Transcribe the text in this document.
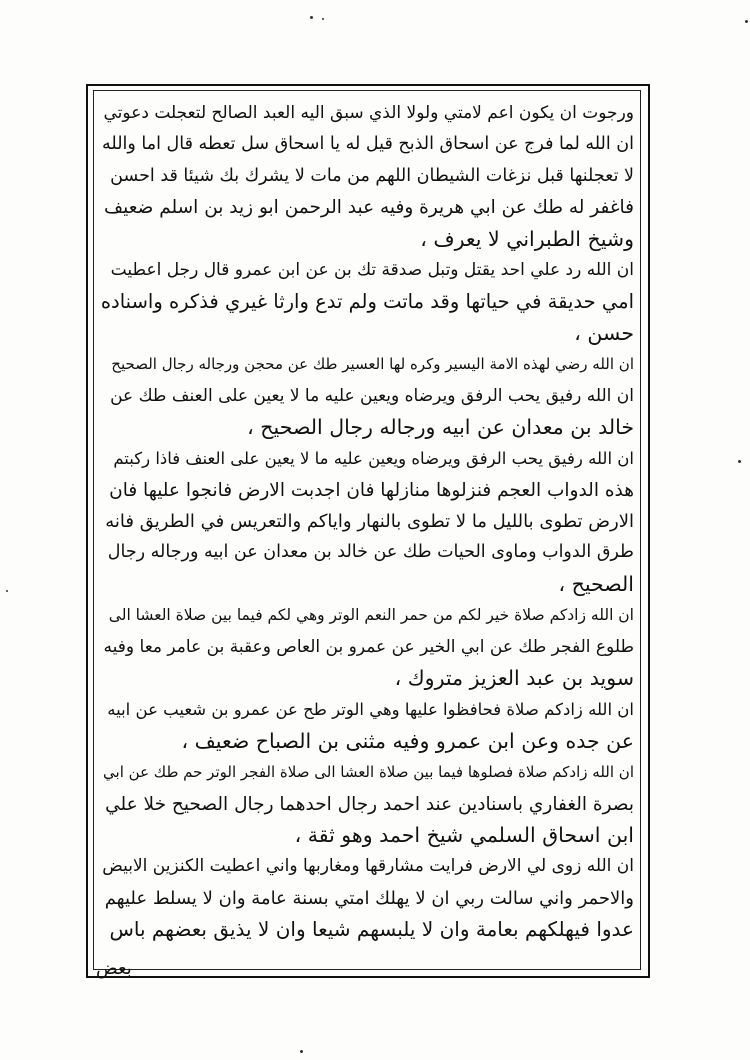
ورجوت ان يكون اعم لامتي ولولا الذي سبق اليه العبد الصالح لتعجلت دعوتي
ان الله لما فرج عن اسحاق الذبح قيل له يا اسحاق سل تعطه قال اما والله
لا تعجلنها قبل نزغات الشيطان اللهم من مات لا يشرك بك شيئا قد احسن
فاغفر له طك عن ابي هريرة وفيه عبد الرحمن ابو زيد بن اسلم ضعيف
وشيخ الطبراني لا يعرف ،
ان الله رد علي احد يقتل وتبل صدقة تك بن عن ابن عمرو قال رجل اعطيت
امي حديقة في حياتها وقد ماتت ولم تدع وارثا غيري فذكره واسناده
حسن ،
ان الله رضي لهذه الامة اليسير وكره لها العسير طك عن محجن ورجاله رجال الصحيح
ان الله رفيق يحب الرفق ويرضاه ويعين عليه ما لا يعين على العنف طك عن
خالد بن معدان عن ابيه ورجاله رجال الصحيح ،
ان الله رفيق يحب الرفق ويرضاه ويعين عليه ما لا يعين على العنف فاذا ركبتم
هذه الدواب العجم فنزلوها منازلها فان اجدبت الارض فانجوا عليها فان
الارض تطوى بالليل ما لا تطوى بالنهار واياكم والتعريس في الطريق فانه
طرق الدواب وماوى الحيات طك عن خالد بن معدان عن ابيه ورجاله رجال
الصحيح ،
ان الله زادكم صلاة خير لكم من حمر النعم الوتر وهي لكم فيما بين صلاة العشا الى
طلوع الفجر طك عن ابي الخير عن عمرو بن العاص وعقبة بن عامر معا وفيه
سويد بن عبد العزيز متروك ،
ان الله زادكم صلاة فحافظوا عليها وهي الوتر طح عن عمرو بن شعيب عن ابيه
عن جده وعن ابن عمرو وفيه مثنى بن الصباح ضعيف ،
ان الله زادكم صلاة فصلوها فيما بين صلاة العشا الى صلاة الفجر الوتر حم طك عن ابي
بصرة الغفاري باسنادين عند احمد رجال احدهما رجال الصحيح خلا علي
ابن اسحاق السلمي شيخ احمد وهو ثقة ،
ان الله زوى لي الارض فرايت مشارقها ومغاربها واني اعطيت الكنزين الابيض
والاحمر واني سالت ربي ان لا يهلك امتي بسنة عامة وان لا يسلط عليهم
عدوا فيهلكهم بعامة وان لا يلبسهم شيعا وان لا يذيق بعضهم باس
بعض
